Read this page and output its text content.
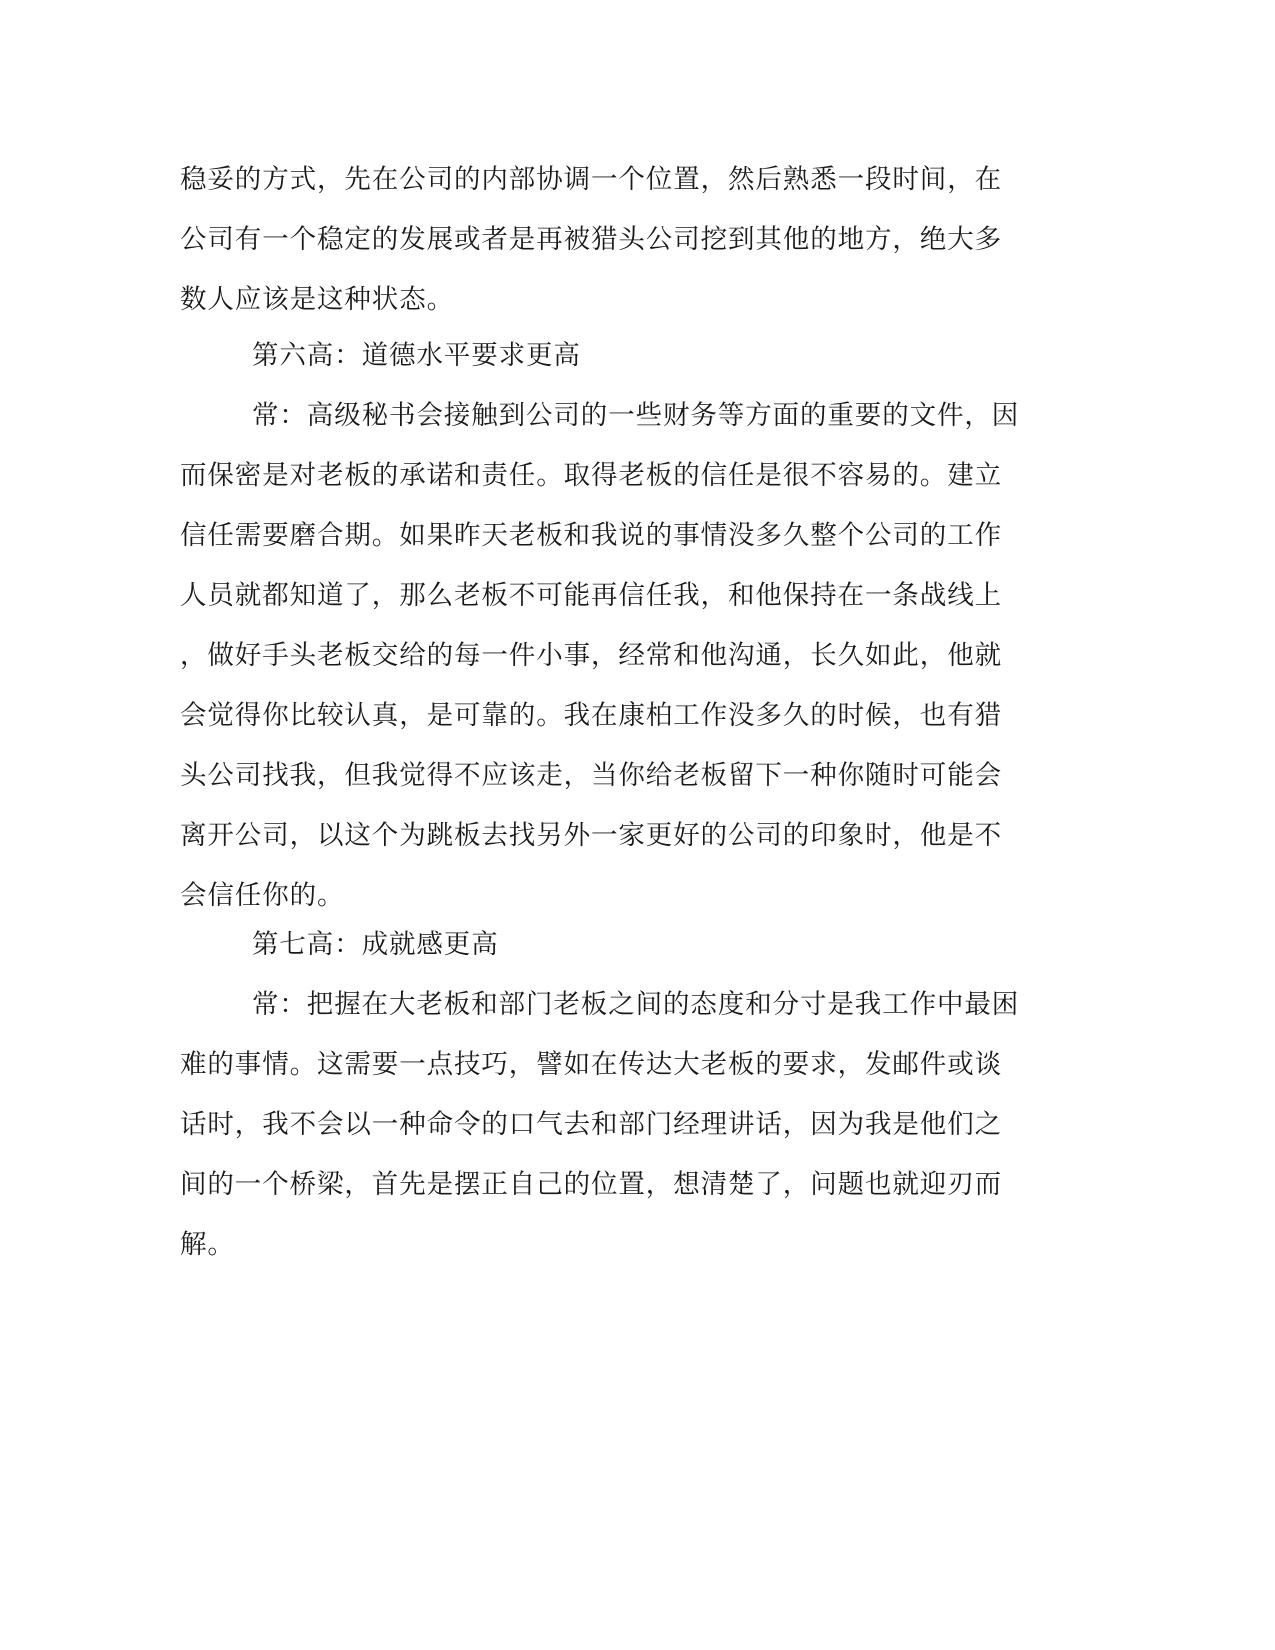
稳妥的方式，先在公司的内部协调一个位置，然后熟悉一段时间，在
公司有一个稳定的发展或者是再被猎头公司挖到其他的地方，绝大多
数人应该是这种状态。
第六高：道德水平要求更高
常：高级秘书会接触到公司的一些财务等方面的重要的文件，因
而保密是对老板的承诺和责任。取得老板的信任是很不容易的。建立
信任需要磨合期。如果昨天老板和我说的事情没多久整个公司的工作
人员就都知道了，那么老板不可能再信任我，和他保持在一条战线上
，做好手头老板交给的每一件小事，经常和他沟通，长久如此，他就
会觉得你比较认真，是可靠的。我在康柏工作没多久的时候，也有猎
头公司找我，但我觉得不应该走，当你给老板留下一种你随时可能会
离开公司，以这个为跳板去找另外一家更好的公司的印象时，他是不
会信任你的。
第七高：成就感更高
常：把握在大老板和部门老板之间的态度和分寸是我工作中最困
难的事情。这需要一点技巧，譬如在传达大老板的要求，发邮件或谈
话时，我不会以一种命令的口气去和部门经理讲话，因为我是他们之
间的一个桥梁，首先是摆正自己的位置，想清楚了，问题也就迎刃而
解。
